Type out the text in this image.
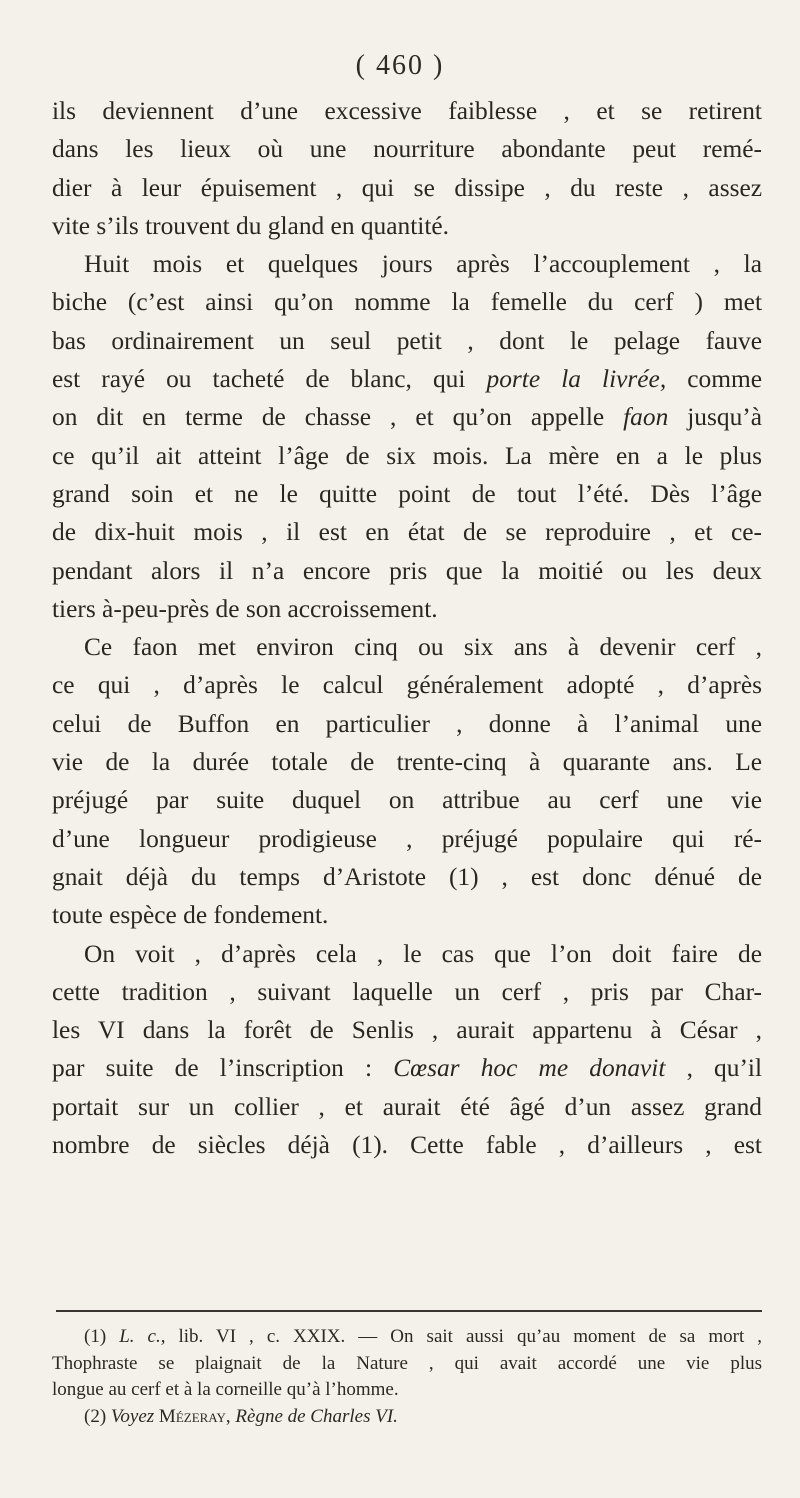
( 460 )
ils deviennent d’une excessive faiblesse , et se retirent
dans les lieux où une nourriture abondante peut remé-
dier à leur épuisement , qui se dissipe , du reste , assez
vite s’ils trouvent du gland en quantité.
Huit mois et quelques jours après l’accouplement , la
biche (c’est ainsi qu’on nomme la femelle du cerf ) met
bas ordinairement un seul petit , dont le pelage fauve
est rayé ou tacheté de blanc, qui porte la livrée, comme
on dit en terme de chasse , et qu’on appelle faon jusqu’à
ce qu’il ait atteint l’âge de six mois. La mère en a le plus
grand soin et ne le quitte point de tout l’été. Dès l’âge
de dix-huit mois , il est en état de se reproduire , et ce-
pendant alors il n’a encore pris que la moitié ou les deux
tiers à-peu-près de son accroissement.
Ce faon met environ cinq ou six ans à devenir cerf ,
ce qui , d’après le calcul généralement adopté , d’après
celui de Buffon en particulier , donne à l’animal une
vie de la durée totale de trente-cinq à quarante ans. Le
préjugé par suite duquel on attribue au cerf une vie
d’une longueur prodigieuse , préjugé populaire qui ré-
gnait déjà du temps d’Aristote (1) , est donc dénué de
toute espèce de fondement.
On voit , d’après cela , le cas que l’on doit faire de
cette tradition , suivant laquelle un cerf , pris par Char-
les VI dans la forêt de Senlis , aurait appartenu à César ,
par suite de l’inscription : Cœsar hoc me donavit , qu’il
portait sur un collier , et aurait été âgé d’un assez grand
nombre de siècles déjà (1). Cette fable , d’ailleurs , est
(1) L. c., lib. VI , c. XXIX. — On sait aussi qu’au moment de sa mort ,
Thophraste se plaignait de la Nature , qui avait accordé une vie plus
longue au cerf et à la corneille qu’à l’homme.
(2) Voyez Mézeray, Règne de Charles VI.
